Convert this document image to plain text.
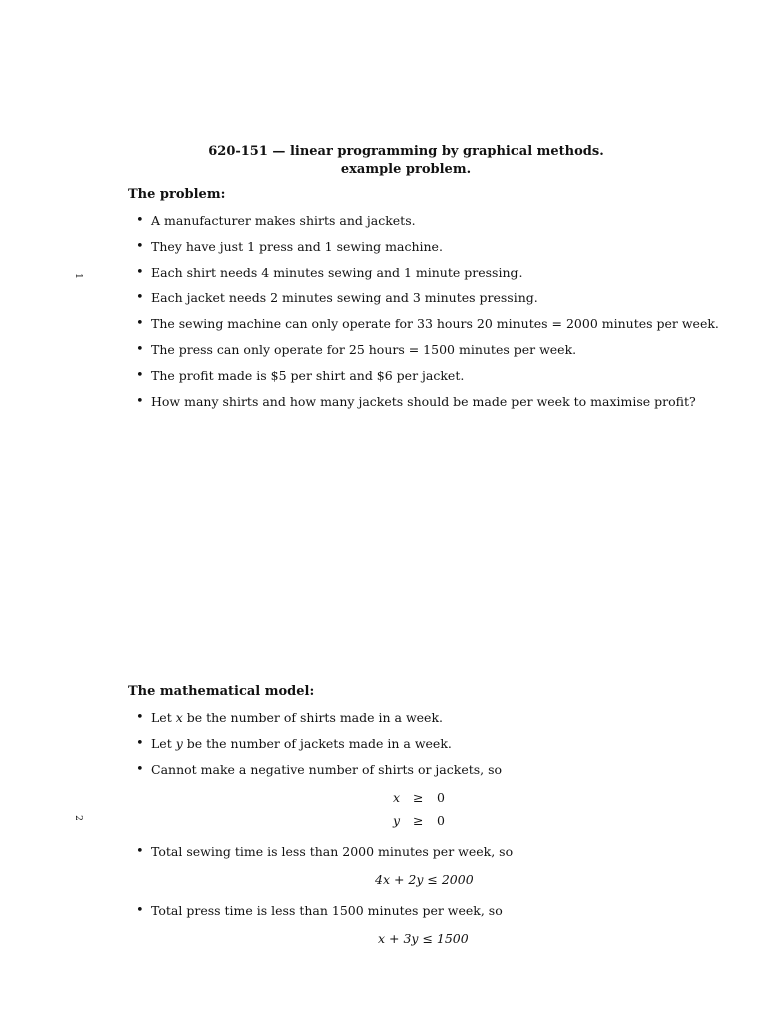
1
620-151 — linear programming by graphical methods.
example problem.
The problem:
• A manufacturer makes shirts and jackets.
• They have just 1 press and 1 sewing machine.
• Each shirt needs 4 minutes sewing and 1 minute pressing.
• Each jacket needs 2 minutes sewing and 3 minutes pressing.
• The sewing machine can only operate for 33 hours 20 minutes = 2000 minutes per week.
• The press can only operate for 25 hours = 1500 minutes per week.
• The profit made is $5 per shirt and $6 per jacket.
• How many shirts and how many jackets should be made per week to maximise profit?
2
The mathematical model:
• Let x be the number of shirts made in a week.
• Let y be the number of jackets made in a week.
• Cannot make a negative number of shirts or jackets, so
x ≥ 0
y ≥ 0
• Total sewing time is less than 2000 minutes per week, so
4x + 2y ≤ 2000
• Total press time is less than 1500 minutes per week, so
x + 3y ≤ 1500
